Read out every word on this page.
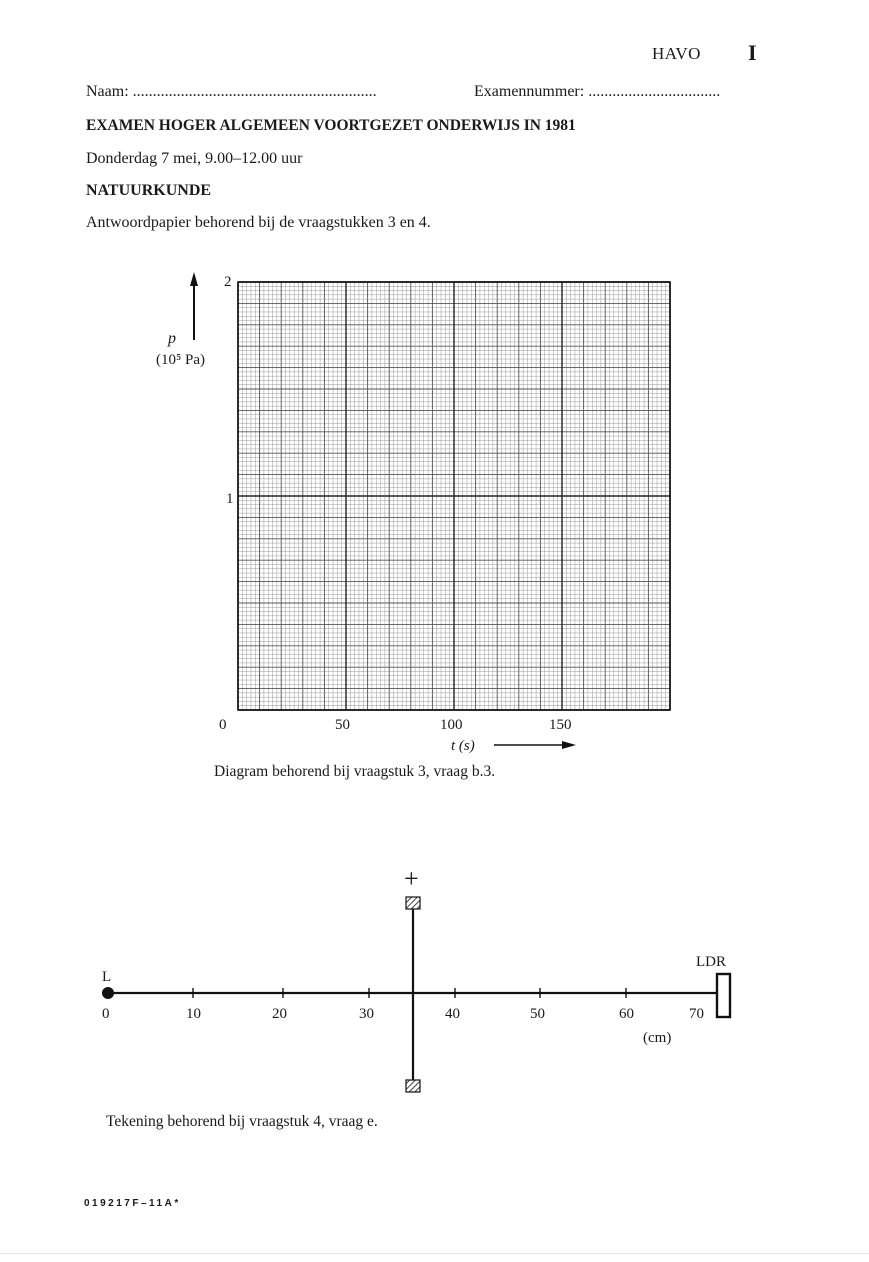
HAVO I
Naam: .............................................................	Examennummer: .................................
EXAMEN HOGER ALGEMEEN VOORTGEZET ONDERWIJS IN 1981
Donderdag 7 mei, 9.00–12.00 uur
NATUURKUNDE
Antwoordpapier behorend bij de vraagstukken 3 en 4.
p
(10⁵ Pa)
2
1
0	50	100	150
t (s)
Diagram behorend bij vraagstuk 3, vraag b.3.
L
0	10	20	30	40	50	60	70
(cm)
+
LDR
Tekening behorend bij vraagstuk 4, vraag e.
019217F–11A*
